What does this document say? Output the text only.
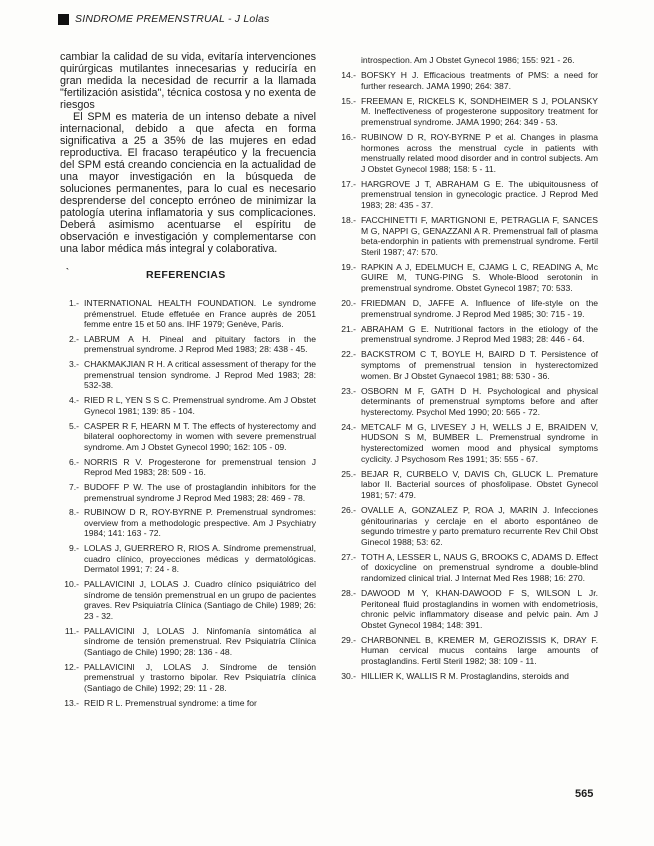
SINDROME PREMENSTRUAL - J Lolas

cambiar la calidad de su vida, evitaría intervenciones quirúrgicas mutilantes innecesarias y reduciría en gran medida la necesidad de recurrir a la llamada "fertilización asistida", técnica costosa y no exenta de riesgos

El SPM es materia de un intenso debate a nivel internacional, debido a que afecta en forma significativa a 25 a 35% de las mujeres en edad reproductiva. El fracaso terapéutico y la frecuencia del SPM está creando conciencia en la actualidad de una mayor investigación en la búsqueda de soluciones permanentes, para lo cual es necesario desprenderse del concepto erróneo de minimizar la patología uterina inflamatoria y sus complicaciones. Deberá asimismo acentuarse el espíritu de observación e investigación y complementarse con una labor médica más integral y colaborativa.

`	REFERENCIAS
1.- INTERNATIONAL HEALTH FOUNDATION. Le syndrome prémenstruel. Etude effetuée en France auprès de 2051 femme entre 15 et 50 ans. IHF 1979; Genève, Paris.
2.- LABRUM A H. Pineal and pituitary factors in the premenstrual syndrome. J Reprod Med 1983; 28: 438 - 45.
3.- CHAKMAKJIAN R H. A critical assessment of therapy for the premenstrual tension syndrome. J Reprod Med 1983; 28: 532-38.
4.- RIED R L, YEN S S C. Premenstrual syndrome. Am J Obstet Gynecol 1981; 139: 85 - 104.
5.- CASPER R F, HEARN M T. The effects of hysterectomy and bilateral oophorectomy in women with severe premenstrual syndrome. Am J Obstet Gynecol 1990; 162: 105 - 09.
6.- NORRIS R V. Progesterone for premenstrual tension J Reprod Med 1983; 28: 509 - 16.
7.- BUDOFF P W. The use of prostaglandin inhibitors for the premenstrual syndrome J Reprod Med 1983; 28: 469 - 78.
8.- RUBINOW D R, ROY-BYRNE P. Premenstrual syndromes: overview from a methodologic prespective. Am J Psychiatry 1984; 141: 163 - 72.
9.- LOLAS J, GUERRERO R, RIOS A. Síndrome premenstrual, cuadro clínico, proyecciones médicas y dermatológicas. Dermatol 1991; 7: 24 - 8.
10.- PALLAVICINI J, LOLAS J. Cuadro clínico psiquiátrico del síndrome de tensión premenstrual en un grupo de pacientes graves. Rev Psiquiatría Clínica (Santiago de Chile) 1989; 26: 23 - 32.
11.- PALLAVICINI J, LOLAS J. Ninfomanía sintomática al síndrome de tensión premenstrual. Rev Psiquiatría Clínica (Santiago de Chile) 1990; 28: 136 - 48.
12.- PALLAVICINI J, LOLAS J. Síndrome de tensión premenstrual y trastorno bipolar. Rev Psiquiatría clínica (Santiago de Chile) 1992; 29: 11 - 28.
13.- REID R L. Premenstrual syndrome: a time for
introspection. Am J Obstet Gynecol 1986; 155: 921 - 26.
14.- BOFSKY H J. Efficacious treatments of PMS: a need for further research. JAMA 1990; 264: 387.
15.- FREEMAN E, RICKELS K, SONDHEIMER S J, POLANSKY M. Ineffectiveness of progesterone suppository treatment for premenstrual syndrome. JAMA 1990; 264: 349 - 53.
16.- RUBINOW D R, ROY-BYRNE P et al. Changes in plasma hormones across the menstrual cycle in patients with menstrually related mood disorder and in control subjects. Am J Obstet Gynecol 1988; 158: 5 - 11.
17.- HARGROVE J T, ABRAHAM G E. The ubiquitousness of premenstrual tension in gynecologic practice. J Reprod Med 1983; 28: 435 - 37.
18.- FACCHINETTI F, MARTIGNONI E, PETRAGLIA F, SANCES M G, NAPPI G, GENAZZANI A R. Premenstrual fall of plasma beta-endorphin in patients with premenstrual syndrome. Fertil Steril 1987; 47: 570.
19.- RAPKIN A J, EDELMUCH E, CJAMG L C, READING A, Mc GUIRE M, TUNG-PING S. Whole-Blood serotonin in premenstrual syndrome. Obstet Gynecol 1987; 70: 533.
20.- FRIEDMAN D, JAFFE A. Influence of life-style on the premenstrual syndrome. J Reprod Med 1985; 30: 715 - 19.
21.- ABRAHAM G E. Nutritional factors in the etiology of the premenstrual syndrome. J Reprod Med 1983; 28: 446 - 64.
22.- BACKSTROM C T, BOYLE H, BAIRD D T. Persistence of symptoms of premenstrual tension in hysterectomized women. Br J Obstet Gynaecol 1981; 88: 530 - 36.
23.- OSBORN M F, GATH D H. Psychological and physical determinants of premenstrual symptoms before and after hysterectomy. Psychol Med 1990; 20: 565 - 72.
24.- METCALF M G, LIVESEY J H, WELLS J E, BRAIDEN V, HUDSON S M, BUMBER L. Premenstrual syndrome in hysterectomized women mood and physical symptoms cyclicity. J Psychosom Res 1991; 35: 555 - 67.
25.- BEJAR R, CURBELO V, DAVIS Ch, GLUCK L. Premature labor II. Bacterial sources of phosfolipase. Obstet Gynecol 1981; 57: 479.
26.- OVALLE A, GONZALEZ P, ROA J, MARIN J. Infecciones génitourinarias y cerclaje en el aborto espontáneo de segundo trimestre y parto prematuro recurrente Rev Chil Obst Ginecol 1988; 53: 62.
27.- TOTH A, LESSER L, NAUS G, BROOKS C, ADAMS D. Effect of doxicycline on premenstrual syndrome a double-blind randomized clinical trial. J Internat Med Res 1988; 16: 270.
28.- DAWOOD M Y, KHAN-DAWOOD F S, WILSON L Jr. Peritoneal fluid prostaglandins in women with endometriosis, chronic pelvic inflammatory disease and pelvic pain. Am J Obstet Gynecol 1984; 148: 391.
29.- CHARBONNEL B, KREMER M, GEROZISSIS K, DRAY F. Human cervical mucus contains large amounts of prostaglandins. Fertil Steril 1982; 38: 109 - 11.
30.- HILLIER K, WALLIS R M. Prostaglandins, steroids and
565
